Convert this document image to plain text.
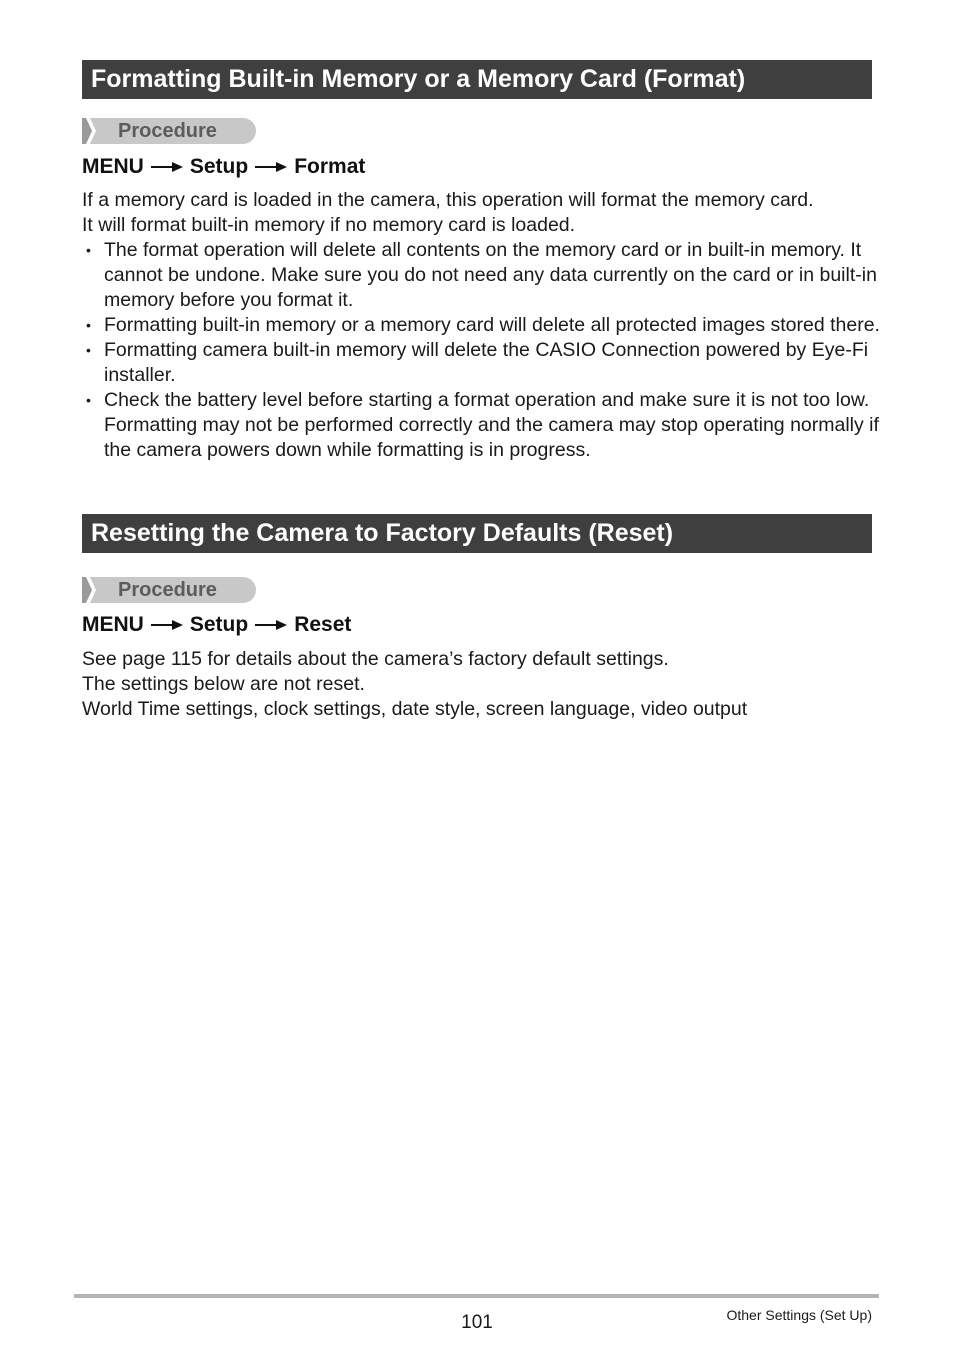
Formatting Built-in Memory or a Memory Card (Format)
Procedure
MENU Setup Format
If a memory card is loaded in the camera, this operation will format the memory card.
It will format built-in memory if no memory card is loaded.
• The format operation will delete all contents on the memory card or in built-in memory. It cannot be undone. Make sure you do not need any data currently on the card or in built-in memory before you format it.
• Formatting built-in memory or a memory card will delete all protected images stored there.
• Formatting camera built-in memory will delete the CASIO Connection powered by Eye-Fi installer.
• Check the battery level before starting a format operation and make sure it is not too low. Formatting may not be performed correctly and the camera may stop operating normally if the camera powers down while formatting is in progress.
Resetting the Camera to Factory Defaults (Reset)
Procedure
MENU Setup Reset
See page 115 for details about the camera’s factory default settings.
The settings below are not reset.
World Time settings, clock settings, date style, screen language, video output
101	Other Settings (Set Up)
